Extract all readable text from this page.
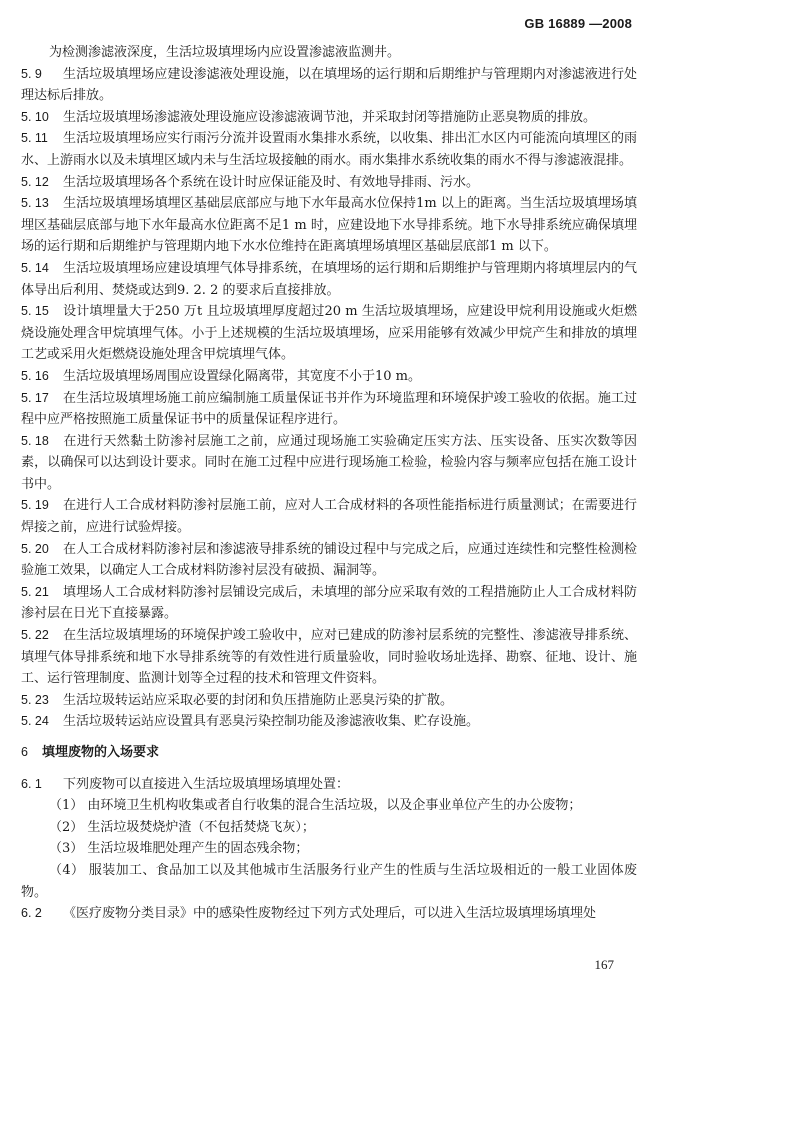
GB 16889 —2008

为检测渗滤液深度，生活垃圾填埋场内应设置渗滤液监测井。

5. 9 生活垃圾填埋场应建设渗滤液处理设施，以在填埋场的运行期和后期维护与管理期内对渗滤液进行处理达标后排放。

5. 10 生活垃圾填埋场渗滤液处理设施应设渗滤液调节池，并采取封闭等措施防止恶臭物质的排放。

5. 11 生活垃圾填埋场应实行雨污分流并设置雨水集排水系统，以收集、排出汇水区内可能流向填埋区的雨水、上游雨水以及未填埋区域内未与生活垃圾接触的雨水。雨水集排水系统收集的雨水不得与渗滤液混排。

5. 12 生活垃圾填埋场各个系统在设计时应保证能及时、有效地导排雨、污水。

5. 13 生活垃圾填埋场填埋区基础层底部应与地下水年最高水位保持1m 以上的距离。当生活垃圾填埋场填埋区基础层底部与地下水年最高水位距离不足1 m 时，应建设地下水导排系统。地下水导排系统应确保填埋场的运行期和后期维护与管理期内地下水水位维持在距离填埋场填埋区基础层底部1 m 以下。

5. 14 生活垃圾填埋场应建设填埋气体导排系统，在填埋场的运行期和后期维护与管理期内将填埋层内的气体导出后利用、焚烧或达到9. 2. 2 的要求后直接排放。

5. 15 设计填埋量大于250 万t 且垃圾填埋厚度超过20 m 生活垃圾填埋场，应建设甲烷利用设施或火炬燃烧设施处理含甲烷填埋气体。小于上述规模的生活垃圾填埋场，应采用能够有效减少甲烷产生和排放的填埋工艺或采用火炬燃烧设施处理含甲烷填埋气体。

5. 16 生活垃圾填埋场周围应设置绿化隔离带，其宽度不小于10 m。

5. 17 在生活垃圾填埋场施工前应编制施工质量保证书并作为环境监理和环境保护竣工验收的依据。施工过程中应严格按照施工质量保证书中的质量保证程序进行。

5. 18 在进行天然黏土防渗衬层施工之前，应通过现场施工实验确定压实方法、压实设备、压实次数等因素，以确保可以达到设计要求。同时在施工过程中应进行现场施工检验，检验内容与频率应包括在施工设计书中。

5. 19 在进行人工合成材料防渗衬层施工前，应对人工合成材料的各项性能指标进行质量测试；在需要进行焊接之前，应进行试验焊接。

5. 20 在人工合成材料防渗衬层和渗滤液导排系统的铺设过程中与完成之后，应通过连续性和完整性检测检验施工效果，以确定人工合成材料防渗衬层没有破损、漏洞等。

5. 21 填埋场人工合成材料防渗衬层铺设完成后，未填埋的部分应采取有效的工程措施防止人工合成材料防渗衬层在日光下直接暴露。

5. 22 在生活垃圾填埋场的环境保护竣工验收中，应对已建成的防渗衬层系统的完整性、渗滤液导排系统、填埋气体导排系统和地下水导排系统等的有效性进行质量验收，同时验收场址选择、勘察、征地、设计、施工、运行管理制度、监测计划等全过程的技术和管理文件资料。

5. 23 生活垃圾转运站应采取必要的封闭和负压措施防止恶臭污染的扩散。

5. 24 生活垃圾转运站应设置具有恶臭污染控制功能及渗滤液收集、贮存设施。

6 填埋废物的入场要求

6. 1 下列废物可以直接进入生活垃圾填埋场填埋处置：

（1） 由环境卫生机构收集或者自行收集的混合生活垃圾，以及企事业单位产生的办公废物；

（2） 生活垃圾焚烧炉渣（不包括焚烧飞灰）；

（3） 生活垃圾堆肥处理产生的固态残余物；

（4） 服装加工、食品加工以及其他城市生活服务行业产生的性质与生活垃圾相近的一般工业固体废物。

6. 2 《医疗废物分类目录》中的感染性废物经过下列方式处理后，可以进入生活垃圾填埋场填埋处

167
